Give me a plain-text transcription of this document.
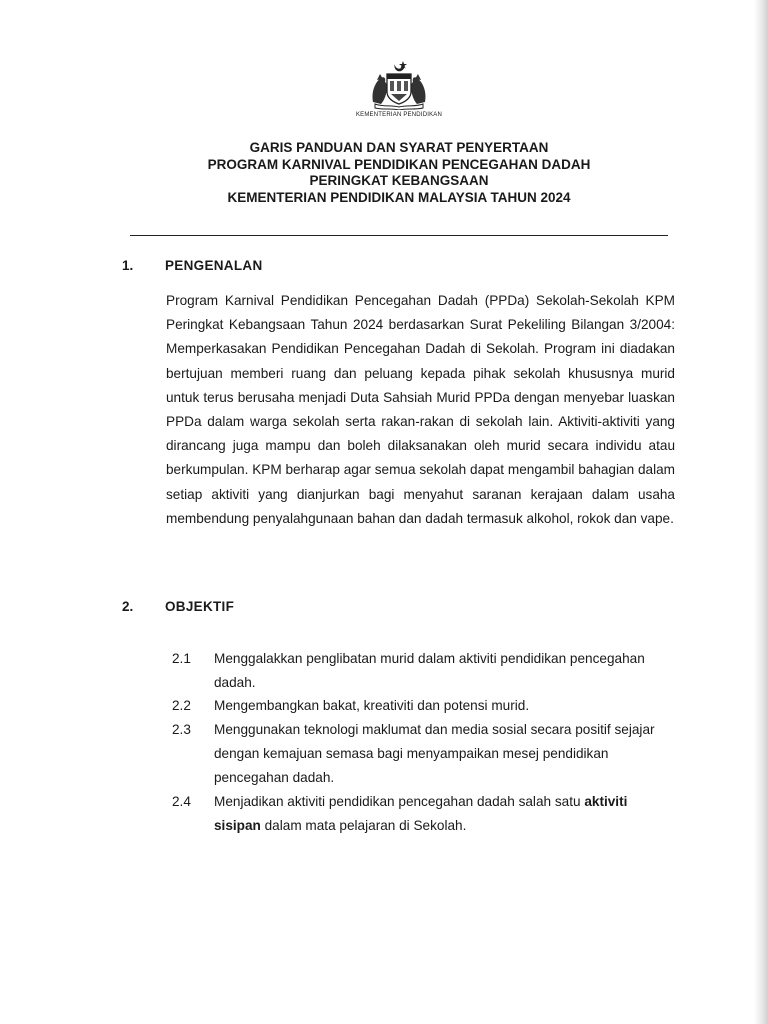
KEMENTERIAN PENDIDIKAN
GARIS PANDUAN DAN SYARAT PENYERTAAN
PROGRAM KARNIVAL PENDIDIKAN PENCEGAHAN DADAH
PERINGKAT KEBANGSAAN
KEMENTERIAN PENDIDIKAN MALAYSIA TAHUN 2024
1. PENGENALAN
Program Karnival Pendidikan Pencegahan Dadah (PPDa) Sekolah-Sekolah KPM Peringkat Kebangsaan Tahun 2024 berdasarkan Surat Pekeliling Bilangan 3/2004: Memperkasakan Pendidikan Pencegahan Dadah di Sekolah. Program ini diadakan bertujuan memberi ruang dan peluang kepada pihak sekolah khususnya murid untuk terus berusaha menjadi Duta Sahsiah Murid PPDa dengan menyebar luaskan PPDa dalam warga sekolah serta rakan-rakan di sekolah lain. Aktiviti-aktiviti yang dirancang juga mampu dan boleh dilaksanakan oleh murid secara individu atau berkumpulan. KPM berharap agar semua sekolah dapat mengambil bahagian dalam setiap aktiviti yang dianjurkan bagi menyahut saranan kerajaan dalam usaha membendung penyalahgunaan bahan dan dadah termasuk alkohol, rokok dan vape.
2. OBJEKTIF
2.1 Menggalakkan penglibatan murid dalam aktiviti pendidikan pencegahan dadah.
2.2 Mengembangkan bakat, kreativiti dan potensi murid.
2.3 Menggunakan teknologi maklumat dan media sosial secara positif sejajar dengan kemajuan semasa bagi menyampaikan mesej pendidikan pencegahan dadah.
2.4 Menjadikan aktiviti pendidikan pencegahan dadah salah satu aktiviti sisipan dalam mata pelajaran di Sekolah.
